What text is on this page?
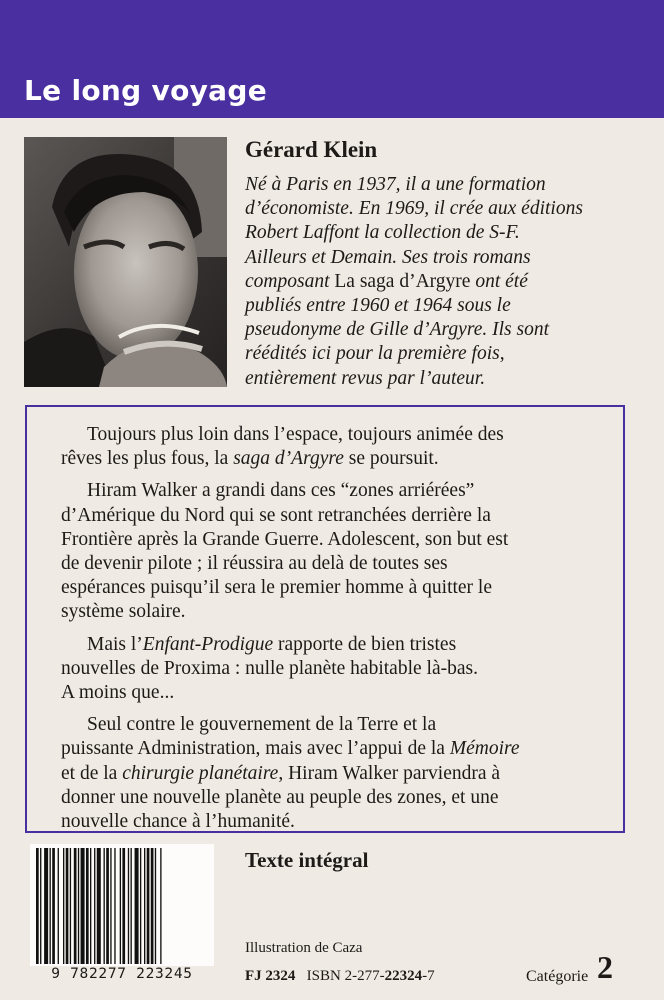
Le long voyage
Gérard Klein
Né à Paris en 1937, il a une formation
d’économiste. En 1969, il crée aux éditions
Robert Laffont la collection de S-F.
Ailleurs et Demain. Ses trois romans
composant La saga d’Argyre ont été
publiés entre 1960 et 1964 sous le
pseudonyme de Gille d’Argyre. Ils sont
réédités ici pour la première fois,
entièrement revus par l’auteur.

Toujours plus loin dans l’espace, toujours animée des
rêves les plus fous, la saga d’Argyre se poursuit.

Hiram Walker a grandi dans ces “zones arriérées”
d’Amérique du Nord qui se sont retranchées derrière la
Frontière après la Grande Guerre. Adolescent, son but est
de devenir pilote ; il réussira au delà de toutes ses
espérances puisqu’il sera le premier homme à quitter le
système solaire.

Mais l’Enfant-Prodigue rapporte de bien tristes
nouvelles de Proxima : nulle planète habitable là-bas.
A moins que...

Seul contre le gouvernement de la Terre et la
puissante Administration, mais avec l’appui de la Mémoire
et de la chirurgie planétaire, Hiram Walker parviendra à
donner une nouvelle planète au peuple des zones, et une
nouvelle chance à l’humanité.

9 782277 223245
Texte intégral
Illustration de Caza
FJ 2324 ISBN 2-277-22324-7	Catégorie 2
